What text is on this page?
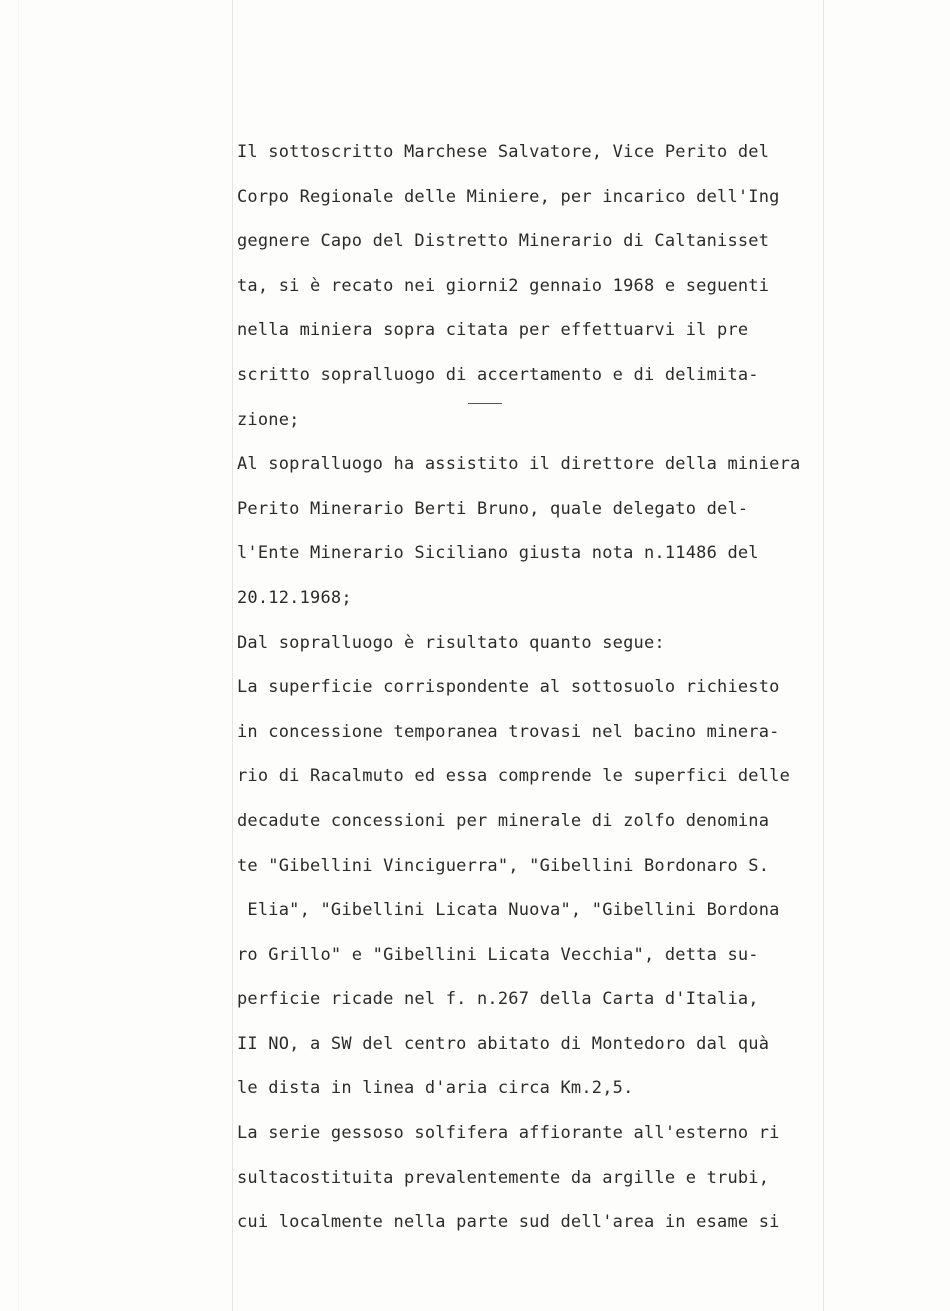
Il sottoscritto Marchese Salvatore, Vice Perito del
Corpo Regionale delle Miniere, per incarico dell'Ing
gegnere Capo del Distretto Minerario di Caltanisset
ta, si è recato nei giorni2 gennaio 1968 e seguenti
nella miniera sopra citata per effettuarvi il pre
scritto sopralluogo di accertamento e di delimita-
zione;
Al sopralluogo ha assistito il direttore della miniera
Perito Minerario Berti Bruno, quale delegato del-
l'Ente Minerario Siciliano giusta nota n.11486 del
20.12.1968;
Dal sopralluogo è risultato quanto segue:
La superficie corrispondente al sottosuolo richiesto
in concessione temporanea trovasi nel bacino minera-
rio di Racalmuto ed essa comprende le superfici delle
decadute concessioni per minerale di zolfo denomina
te "Gibellini Vinciguerra", "Gibellini Bordonaro S.
Elia", "Gibellini Licata Nuova", "Gibellini Bordona
ro Grillo" e "Gibellini Licata Vecchia", detta su-
perficie ricade nel f. n.267 della Carta d'Italia,
II NO, a SW del centro abitato di Montedoro dal quà
le dista in linea d'aria circa Km.2,5.
La serie gessoso solfifera affiorante all'esterno ri
sultacostituita prevalentemente da argille e trubi,
cui localmente nella parte sud dell'area in esame si
